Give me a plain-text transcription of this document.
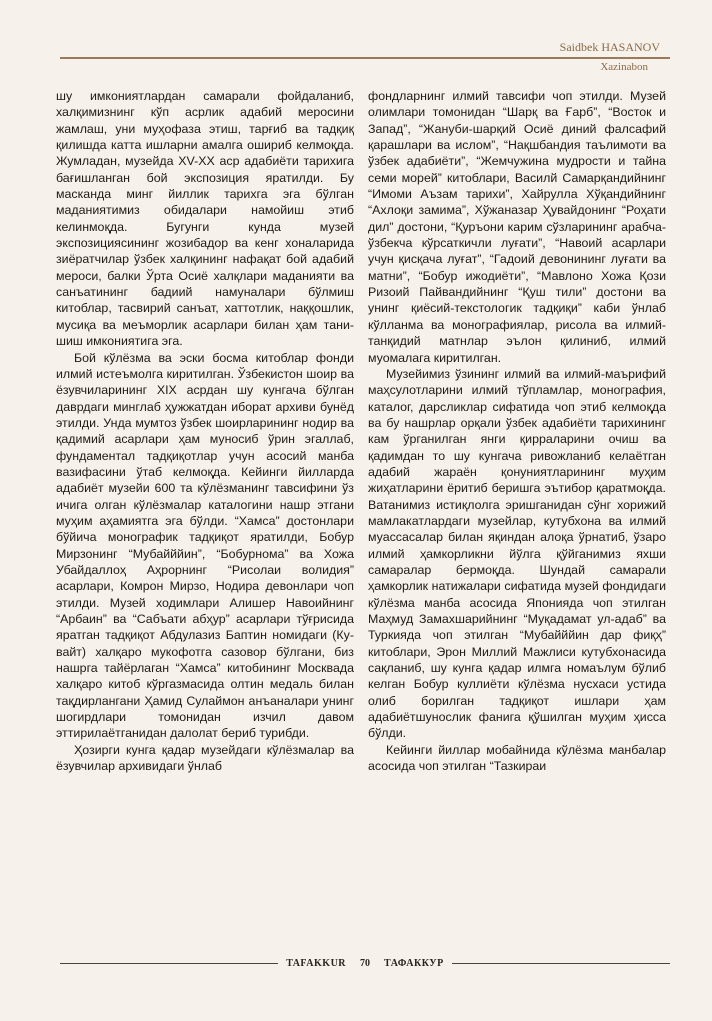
Saidbek HASANOV
Xazinabon

шу имкониятлардан самарали фойдаланиб, халқимизнинг кўп асрлик адабий меросини жамлаш, уни муҳофаза этиш, тарғиб ва тадқиқ қилишда катта ишларни амалга ошириб келмоқда. Жумладан, музейда XV-XX аср адабиёти тарихига бағишланган бой экспозиция яратилди. Бу масканда минг йиллик тарихга эга бўлган маданиятимиз обидалари намойиш этиб келинмоқда. Бугунги кунда музей экспозициясининг жозибадор ва кенг хоналарида зиёратчилар ўзбек халқининг нафақат бой адабий мероси, балки Ўрта Осиё халқлари маданияти ва санъатининг бадиий намуналари бўлмиш китоблар, тасвирий санъат, хаттотлик, наққошлик, мусиқа ва меъморлик асарлари билан ҳам танишиш имкониятига эга.

Бой кўлёзма ва эски босма китоблар фонди илмий истеъмолга киритилган. Ўзбекистон шоир ва ёзувчиларининг XIX асрдан шу кунгача бўлган даврдаги минглаб ҳужжатдан иборат архиви бунёд этилди. Унда мумтоз ўзбек шоирларининг нодир ва қадимий асарлари ҳам муносиб ўрин эгаллаб, фундаментал тадқиқотлар учун асосий манба вазифасини ўтаб келмоқда. Кейинги йилларда адабиёт музейи 600 та кўлёзманинг тавсифини ўз ичига олган кўлёзмалар каталогини нашр этгани муҳим аҳамиятга эга бўлди. “Хамса” достонлари бўйича монографик тадқиқот яратилди, Бобур Мирзонинг “Мубайййин”, “Бобурнома” ва Хожа Убайдаллоҳ Аҳрорнинг “Рисолаи волидия” асарлари, Комрон Мирзо, Нодира девонлари чоп этилди. Музей ходимлари Алишер Навоийнинг “Арбаин” ва “Сабъати абҳур” асарлари тўғрисида яратган тадқиқот Абдулазиз Баптин номидаги (Кувайт) халқаро мукофотга сазовор бўлгани, биз нашрга тайёрлаган “Хамса” китобининг Москвада халқаро китоб кўргазмасида олтин медаль билан тақдирлангани Ҳамид Сулаймон анъаналари унинг шогирдлари томонидан изчил давом эттирилаётганидан далолат бериб турибди.

Ҳозирги кунга қадар музейдаги кўлёзмалар ва ёзувчилар архивидаги ўнлаб

фондларнинг илмий тавсифи чоп этилди. Музей олимлари томонидан “Шарқ ва Ғарб”, “Восток и Запад”, “Жануби-шарқий Осиё диний фалсафий қарашлари ва ислом”, “Нақшбандия таълимоти ва ўзбек адабиёти”, “Жемчужина мудрости и тайна семи морей” китоблари, Василй Самарқандийнинг “Имоми Аъзам тарихи”, Хайрулла Хўқандийнинг “Ахлоқи замима”, Хўжаназар Ҳувайдонинг “Роҳати дил” достони, “Қуръони карим сўзларининг арабча-ўзбекча кўрсаткичли луғати”, “Навоий асарлари учун қисқача луғат”, “Гадоий девонининг луғати ва матни”, “Бобур ижодиёти”, “Мавлоно Хожа Қози Ризоий Пайвандийнинг “Қуш тили” достони ва унинг қиёсий-текстологик тадқиқи” каби ўнлаб кўлланма ва монографиялар, рисола ва илмий-танқидий матнлар эълон қилиниб, илмий муомалага киритилган.

Музейимиз ўзининг илмий ва илмий-маърифий маҳсулотларини илмий тўпламлар, монография, каталог, дарсликлар сифатида чоп этиб келмоқда ва бу нашрлар орқали ўзбек адабиёти тарихининг кам ўрганилган янги қирраларини очиш ва қадимдан то шу кунгача ривожланиб келаётган адабий жараён қонуниятларининг муҳим жиҳатларини ёритиб беришга эътибор қаратмоқда. Ватанимиз истиқлолга эришганидан сўнг хорижий мамлакатлардаги музейлар, кутубхона ва илмий муассасалар билан яқиндан алоқа ўрнатиб, ўзаро илмий ҳамкорликни йўлга қўйганимиз яхши самаралар бермоқда. Шундай самарали ҳамкорлик натижалари сифатида музей фондидаги кўлёзма манба асосида Японияда чоп этилган Маҳмуд Замахшарийнинг “Муқадамат ул-адаб” ва Туркияда чоп этилган “Мубайййин дар фиқҳ” китоблари, Эрон Миллий Мажлиси кутубхонасида сақланиб, шу кунга қадар илмга номаълум бўлиб келган Бобур куллиёти кўлёзма нусхаси устида олиб борилган тадқиқот ишлари ҳам адабиётшунослик фанига қўшилган муҳим ҳисса бўлди.

Кейинги йиллар мобайнида кўлёзма манбалар асосида чоп этилган “Тазкираи

TAFAKKUR	70	ТАФАККУР
